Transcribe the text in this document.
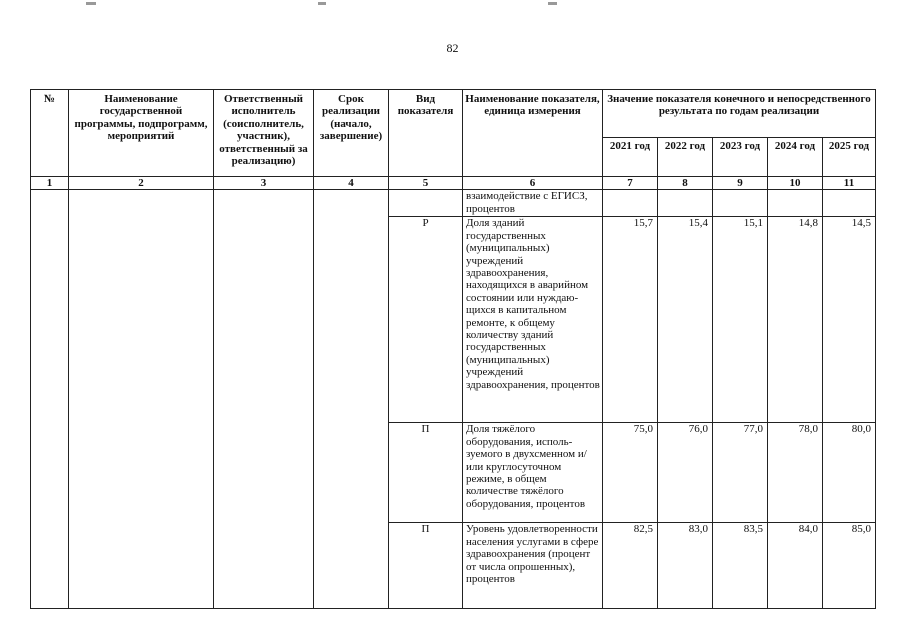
82
№	Наименование государственной программы, подпрограмм, мероприятий	Ответственный исполнитель (соисполнитель, участник), ответственный за реализацию)	Срок реализации (начало, завершение)	Вид показателя	Наименование показателя, единица измерения	Значение показателя конечного и непосредственного результата по годам реализации				
						2021 год	2022 год	2023 год	2024 год	2025 год
1	2	3	4	5	6	7	8	9	10	11
					взаимодействие с ЕГИСЗ, процентов					
				Р	Доля зданий государственных (муниципальных) учреждений здравоохранения, находящихся в аварийном состоянии или нуждаю-щихся в капитальном ремонте, к общему количеству зданий государственных (муниципальных) учреждений здравоохранения, процентов	15,7	15,4	15,1	14,8	14,5
				П	Доля тяжёлого оборудования, исполь-зуемого в двухсменном и/или круглосуточном режиме, в общем количестве тяжёлого оборудования, процентов	75,0	76,0	77,0	78,0	80,0
				П	Уровень удовлетворенности населения услугами в сфере здравоохранения (процент от числа опрошенных), процентов	82,5	83,0	83,5	84,0	85,0
